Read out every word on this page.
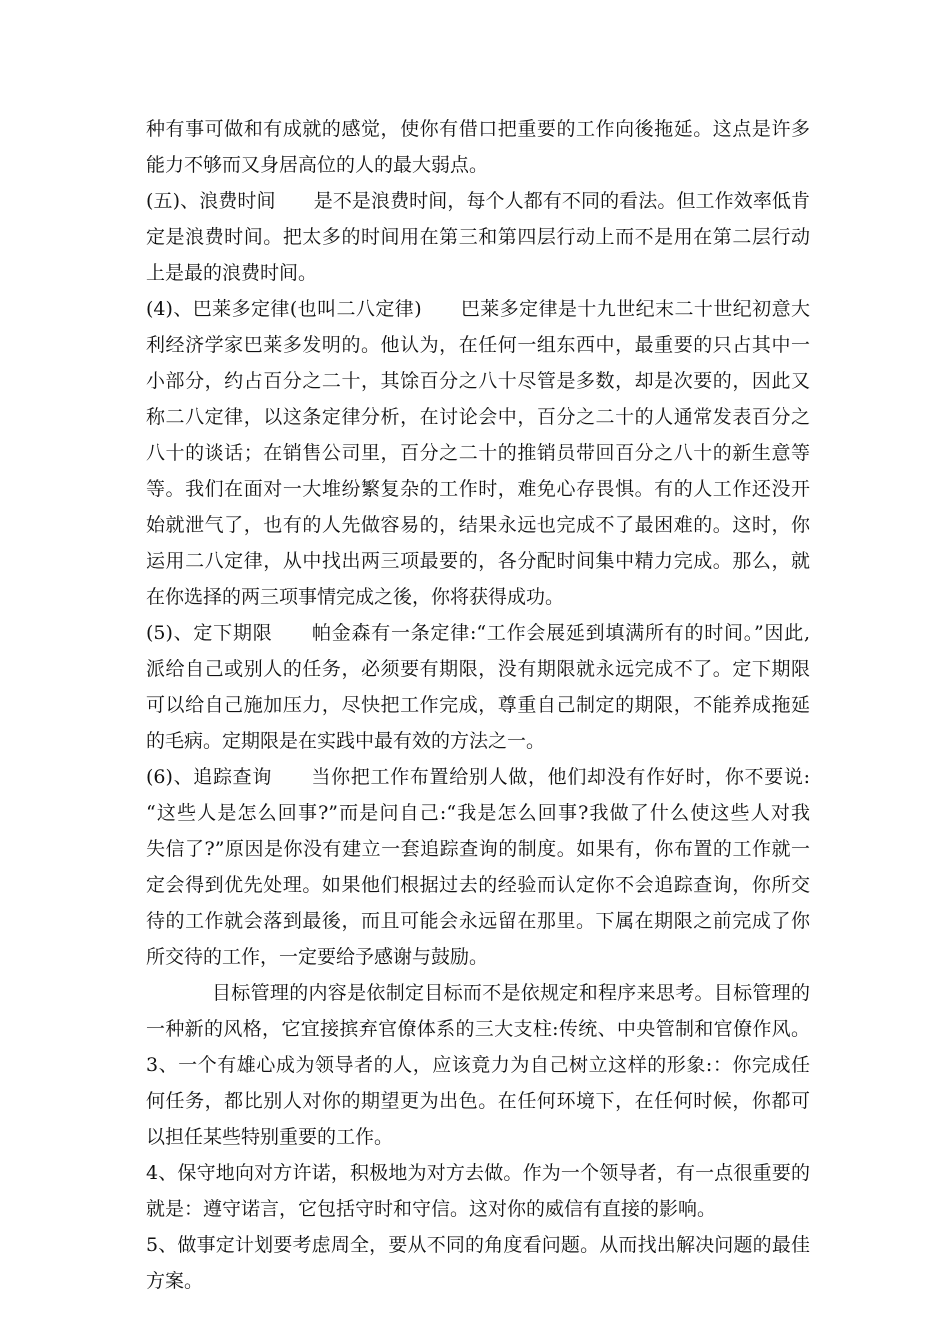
种有事可做和有成就的感觉，使你有借口把重要的工作向後拖延。这点是许多
能力不够而又身居高位的人的最大弱点。
(五)、浪费时间　　是不是浪费时间，每个人都有不同的看法。但工作效率低肯
定是浪费时间。把太多的时间用在第三和第四层行动上而不是用在第二层行动
上是最的浪费时间。
(4)、巴莱多定律(也叫二八定律)　　巴莱多定律是十九世纪末二十世纪初意大
利经济学家巴莱多发明的。他认为，在任何一组东西中，最重要的只占其中一
小部分，约占百分之二十，其馀百分之八十尽管是多数，却是次要的，因此又
称二八定律，以这条定律分析，在讨论会中，百分之二十的人通常发表百分之
八十的谈话；在销售公司里，百分之二十的推销员带回百分之八十的新生意等
等。我们在面对一大堆纷繁复杂的工作时，难免心存畏惧。有的人工作还没开
始就泄气了，也有的人先做容易的，结果永远也完成不了最困难的。这时，你
运用二八定律，从中找出两三项最要的，各分配时间集中精力完成。那么，就
在你选择的两三项事情完成之後，你将获得成功。
(5)、定下期限　　帕金森有一条定律:“工作会展延到填满所有的时间。”因此,
派给自己或别人的任务，必须要有期限，没有期限就永远完成不了。定下期限
可以给自己施加压力，尽快把工作完成，尊重自己制定的期限，不能养成拖延
的毛病。定期限是在实践中最有效的方法之一。
(6)、追踪查询　　当你把工作布置给别人做，他们却没有作好时，你不要说:
“这些人是怎么回事?”而是问自己:“我是怎么回事?我做了什么使这些人对我
失信了?”原因是你没有建立一套追踪查询的制度。如果有，你布置的工作就一
定会得到优先处理。如果他们根据过去的经验而认定你不会追踪查询，你所交
待的工作就会落到最後，而且可能会永远留在那里。下属在期限之前完成了你
所交待的工作，一定要给予感谢与鼓励。
目标管理的内容是依制定目标而不是依规定和程序来思考。目标管理的
一种新的风格，它宜接摈弃官僚体系的三大支柱:传统、中央管制和官僚作风。
3、一个有雄心成为领导者的人，应该竟力为自己树立这样的形象:：你完成任
何任务，都比别人对你的期望更为出色。在任何环境下，在任何时候，你都可
以担任某些特别重要的工作。
4、保守地向对方许诺，积极地为对方去做。作为一个领导者，有一点很重要的
就是：遵守诺言，它包括守时和守信。这对你的威信有直接的影响。
5、做事定计划要考虑周全，要从不同的角度看问题。从而找出解决问题的最佳
方案。
